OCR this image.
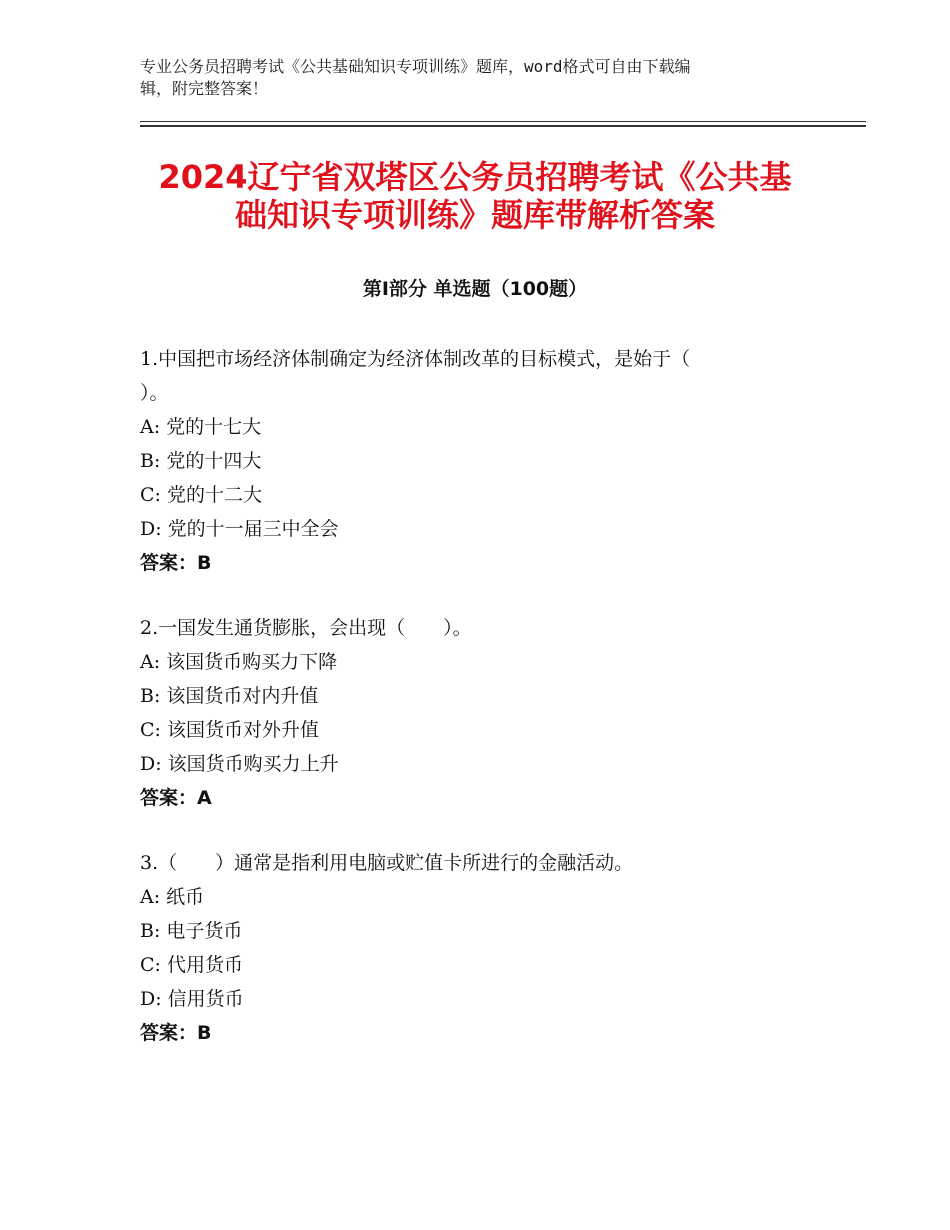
专业公务员招聘考试《公共基础知识专项训练》题库，word格式可自由下载编
辑，附完整答案！
2024辽宁省双塔区公务员招聘考试《公共基
础知识专项训练》题库带解析答案
第Ⅰ部分 单选题（100题）
1.中国把市场经济体制确定为经济体制改革的目标模式，是始于（
）。
A: 党的十七大
B: 党的十四大
C: 党的十二大
D: 党的十一届三中全会
答案：B
2.一国发生通货膨胀，会出现（　　）。
A: 该国货币购买力下降
B: 该国货币对内升值
C: 该国货币对外升值
D: 该国货币购买力上升
答案：A
3.（　　）通常是指利用电脑或贮值卡所进行的金融活动。
A: 纸币
B: 电子货币
C: 代用货币
D: 信用货币
答案：B
